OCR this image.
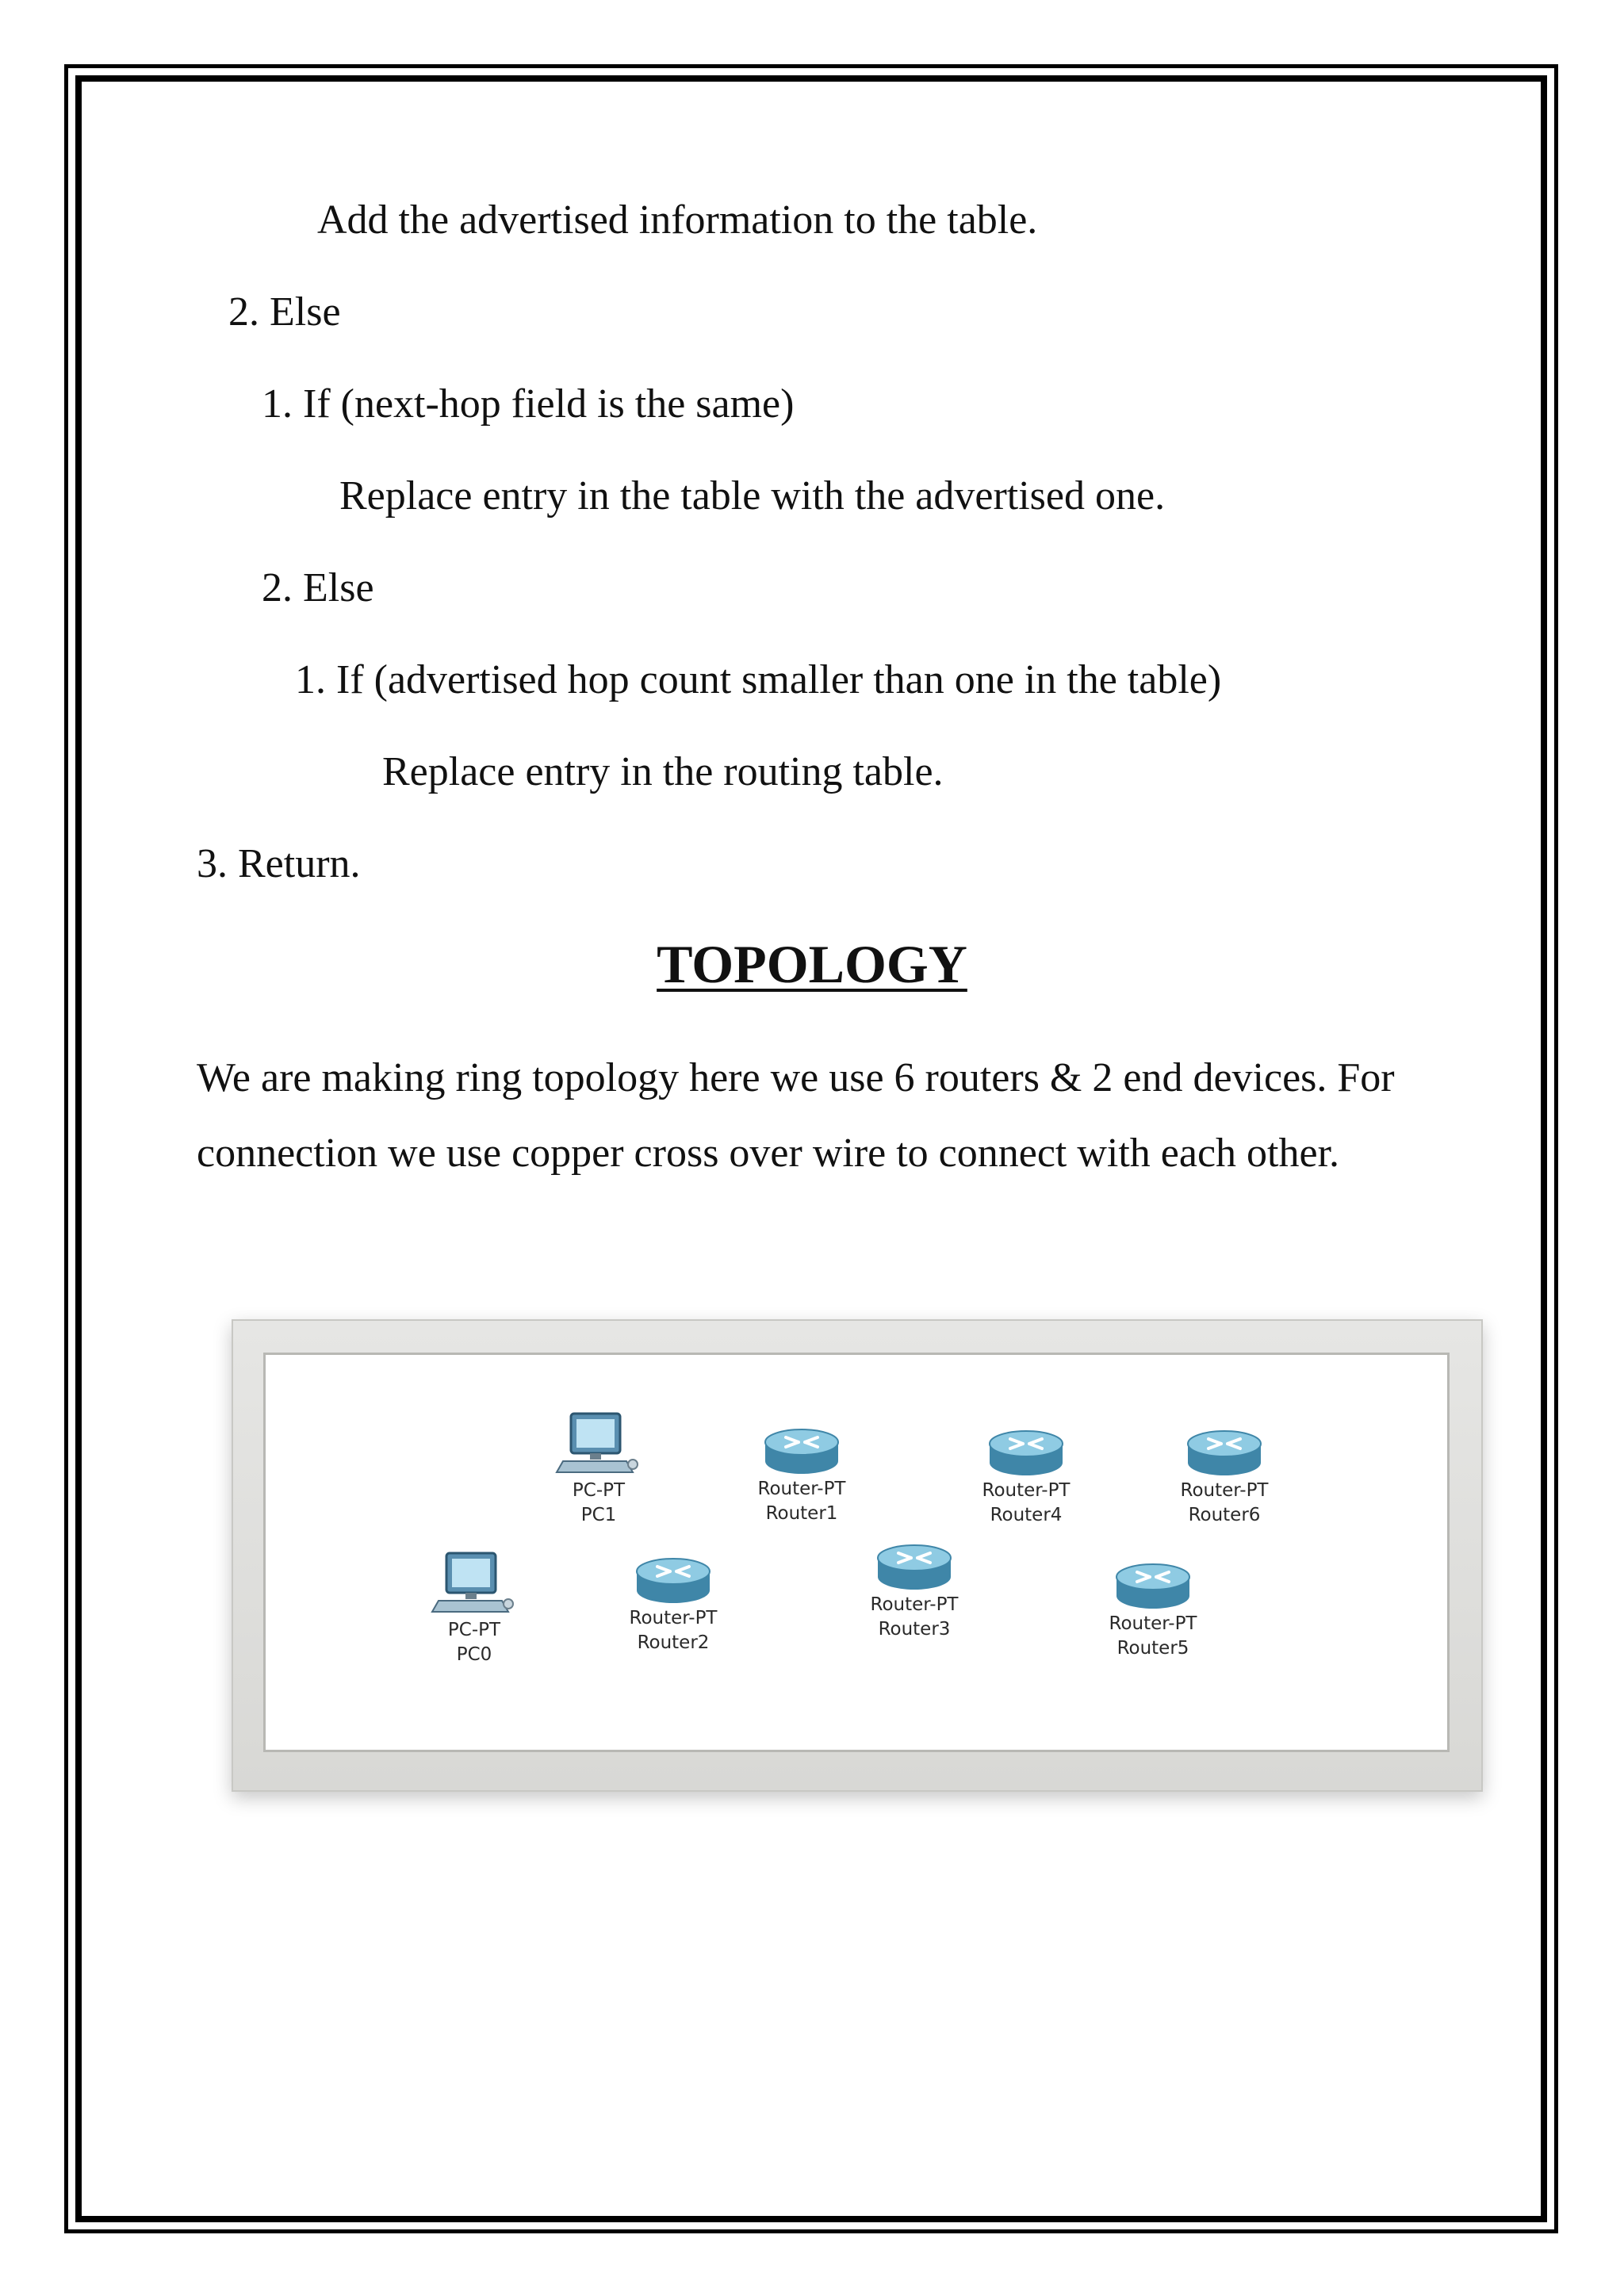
Add the advertised information to the table.
2. Else
1. If (next-hop field is the same)
Replace entry in the table with the advertised one.
2. Else
1. If (advertised hop count smaller than one in the table)
Replace entry in the routing table.
3. Return.
TOPOLOGY
We are making ring topology here we use 6 routers & 2 end devices. For connection we use copper cross over wire to connect with each other.
PC-PT
PC1
Router-PT
Router1
Router-PT
Router4
Router-PT
Router6
PC-PT
PC0
Router-PT
Router2
Router-PT
Router3	Router-PT
Router5
